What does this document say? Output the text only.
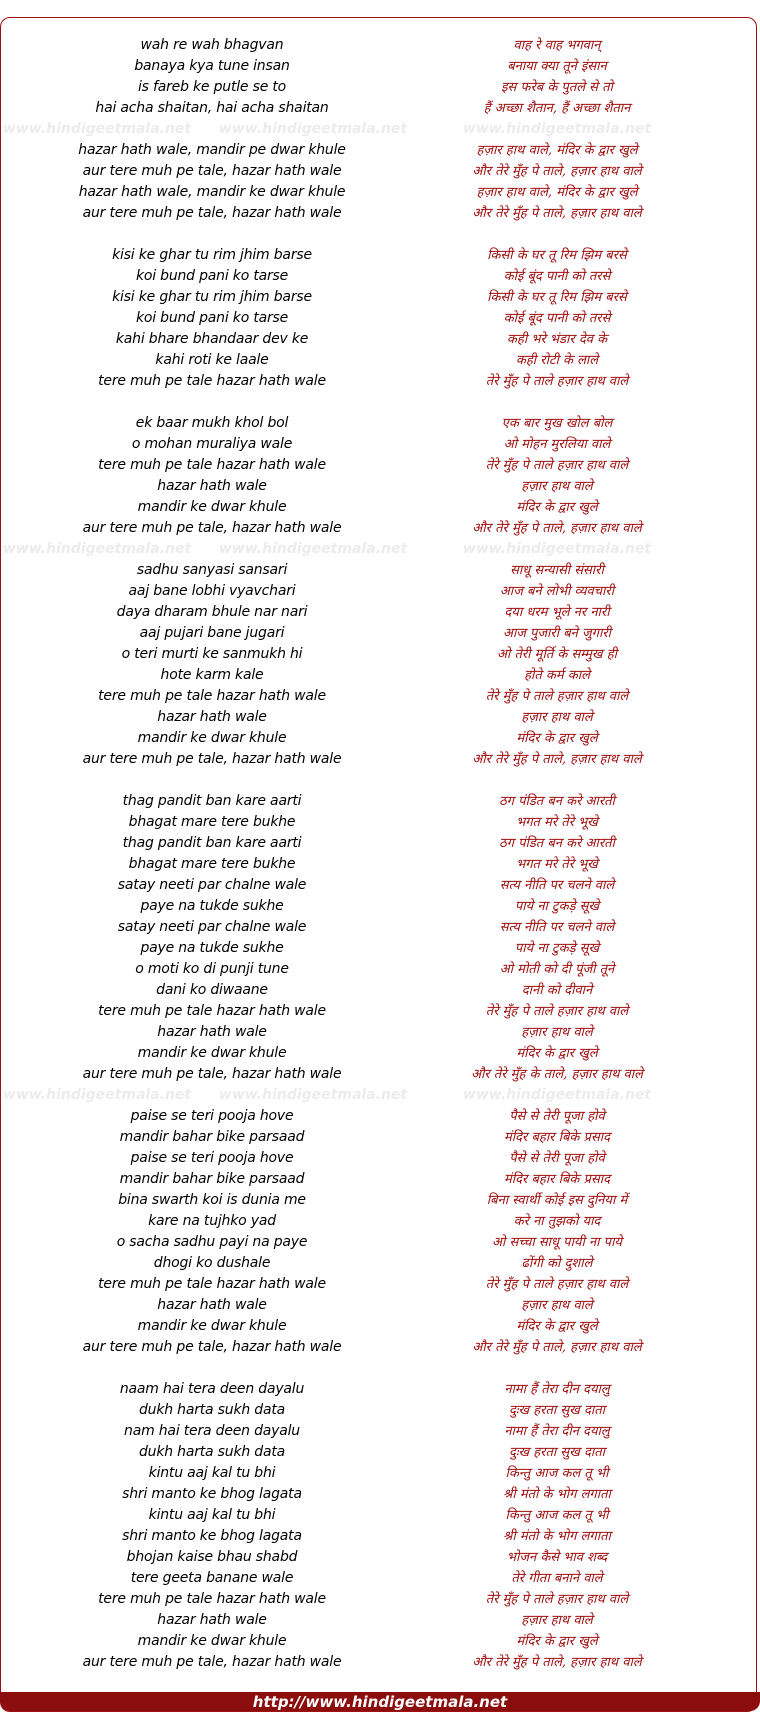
wah re wah bhagvan	वाह रे वाह भगवान्
banaya kya tune insan	बनाया क्या तूने इंसान
is fareb ke putle se to	इस फरेब के पुतले से तो
hai acha shaitan, hai acha shaitan	हैं अच्छा शैतान, हैं अच्छा शैतान
www.hindigeetmala.net www.hindigeetmala.net	www.hindigeetmala.net
hazar hath wale, mandir pe dwar khule	हज़ार हाथ वाले, मंदिर के द्वार खुले
aur tere muh pe tale, hazar hath wale	और तेरे मुँह पे ताले, हज़ार हाथ वाले
hazar hath wale, mandir ke dwar khule	हज़ार हाथ वाले, मंदिर के द्वार खुले
aur tere muh pe tale, hazar hath wale	और तेरे मुँह पे ताले, हज़ार हाथ वाले
kisi ke ghar tu rim jhim barse	किसी के घर तू रिम झिम बरसे
koi bund pani ko tarse	कोई बूंद पानी को तरसे
kisi ke ghar tu rim jhim barse	किसी के घर तू रिम झिम बरसे
koi bund pani ko tarse	कोई बूंद पानी को तरसे
kahi bhare bhandaar dev ke	कही भरे भंडार देव के
kahi roti ke laale	कही रोटी के लाले
tere muh pe tale hazar hath wale	तेरे मुँह पे ताले हज़ार हाथ वाले
ek baar mukh khol bol	एक बार मुख खोल बोल
o mohan muraliya wale	ओ मोहन मुरलिया वाले
tere muh pe tale hazar hath wale	तेरे मुँह पे ताले हज़ार हाथ वाले
hazar hath wale	हज़ार हाथ वाले
mandir ke dwar khule	मंदिर के द्वार खुले
aur tere muh pe tale, hazar hath wale	और तेरे मुँह पे ताले, हज़ार हाथ वाले
www.hindigeetmala.net www.hindigeetmala.net	www.hindigeetmala.net
sadhu sanyasi sansari	साधू सन्यासी संसारी
aaj bane lobhi vyavchari	आज बने लोभी व्यवचारी
daya dharam bhule nar nari	दया धरम भूले नर नारी
aaj pujari bane jugari	आज पुजारी बने जुगारी
o teri murti ke sanmukh hi	ओ तेरी मूर्ति के सम्मुख ही
hote karm kale	होते कर्म काले
tere muh pe tale hazar hath wale	तेरे मुँह पे ताले हज़ार हाथ वाले
hazar hath wale	हज़ार हाथ वाले
mandir ke dwar khule	मंदिर के द्वार खुले
aur tere muh pe tale, hazar hath wale	और तेरे मुँह पे ताले, हज़ार हाथ वाले
thag pandit ban kare aarti	ठग पंडित बन करे आरती
bhagat mare tere bukhe	भगत मरे तेरे भूखे
thag pandit ban kare aarti	ठग पंडित बन करे आरती
bhagat mare tere bukhe	भगत मरे तेरे भूखे
satay neeti par chalne wale	सत्य नीति पर चलने वाले
paye na tukde sukhe	पाये ना टुकड़े सूखे
satay neeti par chalne wale	सत्य नीति पर चलने वाले
paye na tukde sukhe	पाये ना टुकड़े सूखे
o moti ko di punji tune	ओ मोती को दी पूंजी तूने
dani ko diwaane	दानी को दीवाने
tere muh pe tale hazar hath wale	तेरे मुँह पे ताले हज़ार हाथ वाले
hazar hath wale	हज़ार हाथ वाले
mandir ke dwar khule	मंदिर के द्वार खुले
aur tere muh pe tale, hazar hath wale	और तेरे मुँह के ताले, हज़ार हाथ वाले
www.hindigeetmala.net www.hindigeetmala.net	www.hindigeetmala.net
paise se teri pooja hove	पैसे से तेरी पूजा होवे
mandir bahar bike parsaad	मंदिर बहार बिके प्रसाद
paise se teri pooja hove	पैसे से तेरी पूजा होवे
mandir bahar bike parsaad	मंदिर बहार बिके प्रसाद
bina swarth koi is dunia me	बिना स्वार्थी कोई इस दुनिया में
kare na tujhko yad	करे ना तुझको याद
o sacha sadhu payi na paye	ओ सच्चा साधू पायी ना पाये
dhogi ko dushale	ढोंगी को दुशाले
tere muh pe tale hazar hath wale	तेरे मुँह पे ताले हज़ार हाथ वाले
hazar hath wale	हज़ार हाथ वाले
mandir ke dwar khule	मंदिर के द्वार खुले
aur tere muh pe tale, hazar hath wale	और तेरे मुँह पे ताले, हज़ार हाथ वाले
naam hai tera deen dayalu	नामा हैं तेरा दीन दयालु
dukh harta sukh data	दुःख हरता सुख दाता
nam hai tera deen dayalu	नामा हैं तेरा दीन दयालु
dukh harta sukh data	दुःख हरता सुख दाता
kintu aaj kal tu bhi	किन्तु आज कल तू भी
shri manto ke bhog lagata	श्री मंतो के भोग लगाता
kintu aaj kal tu bhi	किन्तु आज कल तू भी
shri manto ke bhog lagata	श्री मंतो के भोग लगाता
bhojan kaise bhau shabd	भोजन कैसे भाव शब्द
tere geeta banane wale	तेरे गीता बनाने वाले
tere muh pe tale hazar hath wale	तेरे मुँह पे ताले हज़ार हाथ वाले
hazar hath wale	हज़ार हाथ वाले
mandir ke dwar khule	मंदिर के द्वार खुले
aur tere muh pe tale, hazar hath wale	और तेरे मुँह पे ताले, हज़ार हाथ वाले
http://www.hindigeetmala.net
